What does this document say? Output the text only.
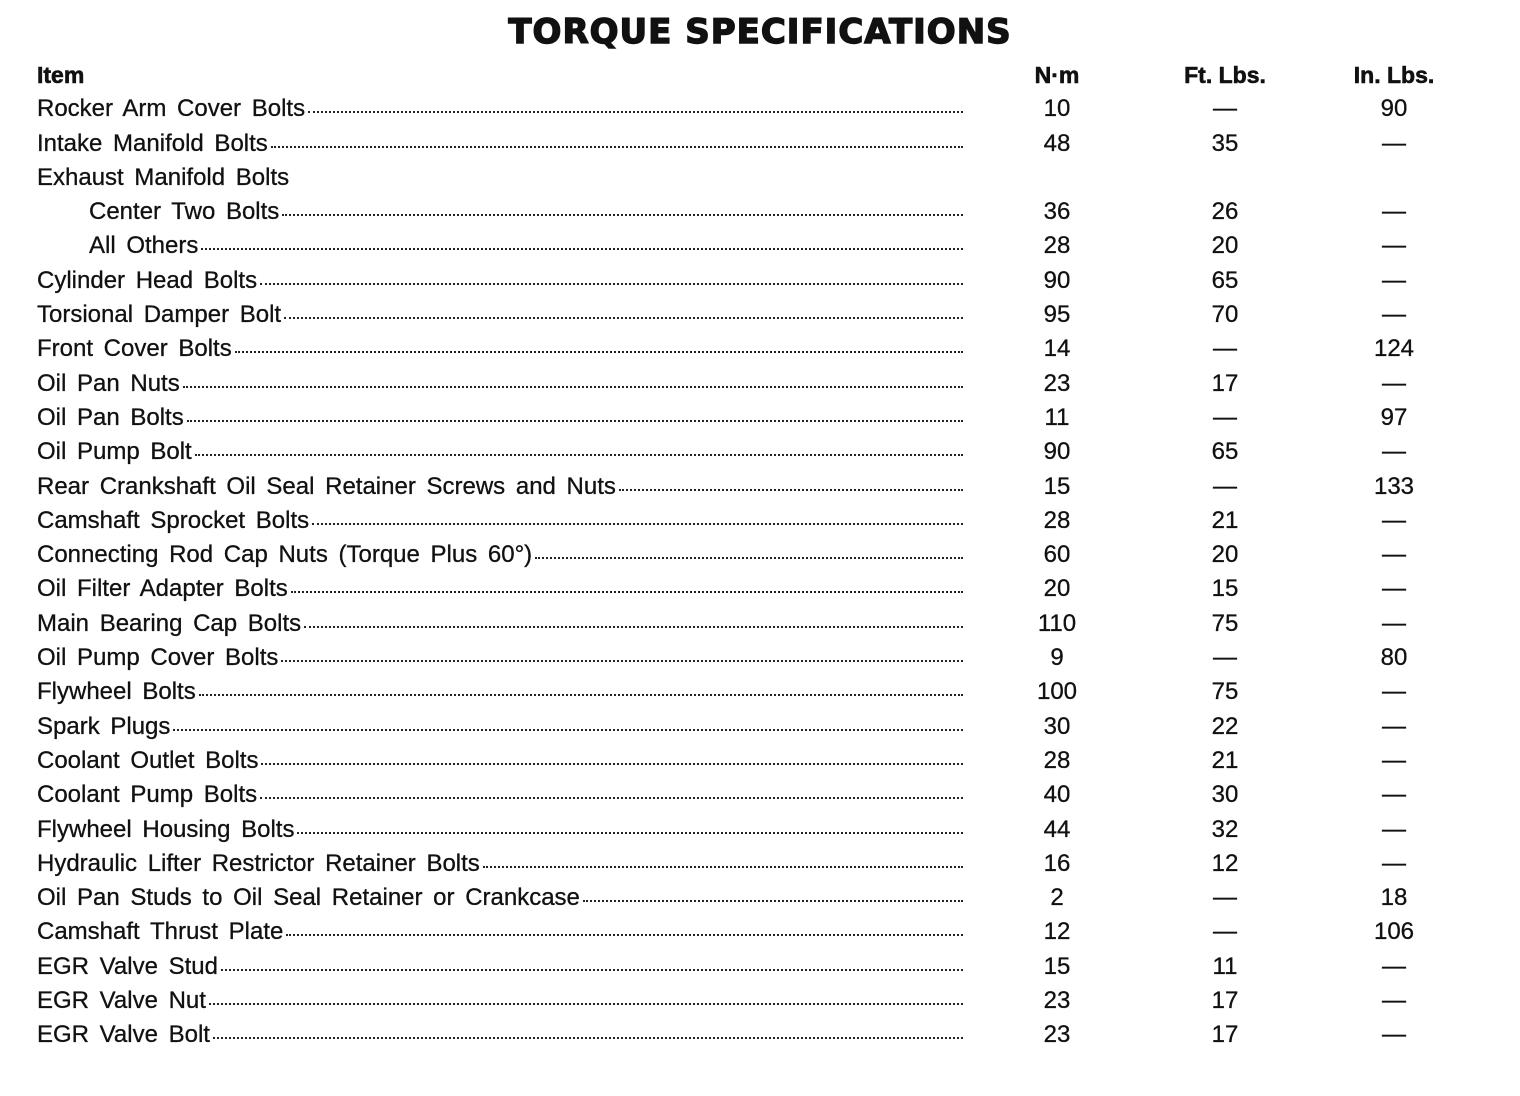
TORQUE SPECIFICATIONS
Item	N·m	Ft. Lbs.	In. Lbs.
Rocker Arm Cover Bolts	10	—	90
Intake Manifold Bolts	48	35	—
Exhaust Manifold Bolts
Center Two Bolts	36	26	—
All Others	28	20	—
Cylinder Head Bolts	90	65	—
Torsional Damper Bolt	95	70	—
Front Cover Bolts	14	—	124
Oil Pan Nuts	23	17	—
Oil Pan Bolts	11	—	97
Oil Pump Bolt	90	65	—
Rear Crankshaft Oil Seal Retainer Screws and Nuts	15	—	133
Camshaft Sprocket Bolts	28	21	—
Connecting Rod Cap Nuts (Torque Plus 60°)	60	20	—
Oil Filter Adapter Bolts	20	15	—
Main Bearing Cap Bolts	110	75	—
Oil Pump Cover Bolts	9	—	80
Flywheel Bolts	100	75	—
Spark Plugs	30	22	—
Coolant Outlet Bolts	28	21	—
Coolant Pump Bolts	40	30	—
Flywheel Housing Bolts	44	32	—
Hydraulic Lifter Restrictor Retainer Bolts	16	12	—
Oil Pan Studs to Oil Seal Retainer or Crankcase	2	—	18
Camshaft Thrust Plate	12	—	106
EGR Valve Stud	15	11	—
EGR Valve Nut	23	17	—
EGR Valve Bolt	23	17	—
